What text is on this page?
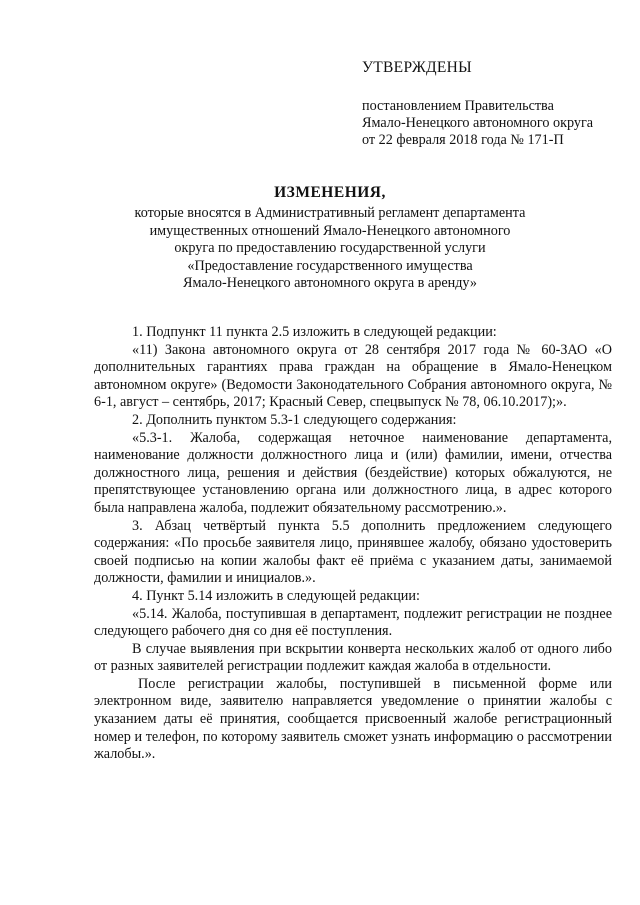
УТВЕРЖДЕНЫ
постановлением Правительства
Ямало-Ненецкого автономного округа
от 22 февраля 2018 года № 171-П
ИЗМЕНЕНИЯ,
которые вносятся в Административный регламент департамента
имущественных отношений Ямало-Ненецкого автономного
округа по предоставлению государственной услуги
«Предоставление государственного имущества
Ямало-Ненецкого автономного округа в аренду»

1. Подпункт 11 пункта 2.5 изложить в следующей редакции:

«11) Закона автономного округа от 28 сентября 2017 года № 60-ЗАО «О дополнительных гарантиях права граждан на обращение в Ямало-Ненецком автономном округе» (Ведомости Законодательного Собрания автономного округа, № 6-1, август – сентябрь, 2017; Красный Север, спецвыпуск № 78, 06.10.2017);».

2. Дополнить пунктом 5.3-1 следующего содержания:

«5.3-1. Жалоба, содержащая неточное наименование департамента, наименование должности должностного лица и (или) фамилии, имени, отчества должностного лица, решения и действия (бездействие) которых обжалуются, не препятствующее установлению органа или должностного лица, в адрес которого была направлена жалоба, подлежит обязательному рассмотрению.».

3. Абзац четвёртый пункта 5.5 дополнить предложением следующего содержания: «По просьбе заявителя лицо, принявшее жалобу, обязано удостоверить своей подписью на копии жалобы факт её приёма с указанием даты, занимаемой должности, фамилии и инициалов.».

4. Пункт 5.14 изложить в следующей редакции:

«5.14. Жалоба, поступившая в департамент, подлежит регистрации не позднее следующего рабочего дня со дня её поступления.

В случае выявления при вскрытии конверта нескольких жалоб от одного либо от разных заявителей регистрации подлежит каждая жалоба в отдельности.

После регистрации жалобы, поступившей в письменной форме или электронном виде, заявителю направляется уведомление о принятии жалобы с указанием даты её принятия, сообщается присвоенный жалобе регистрационный номер и телефон, по которому заявитель сможет узнать информацию о рассмотрении жалобы.».
